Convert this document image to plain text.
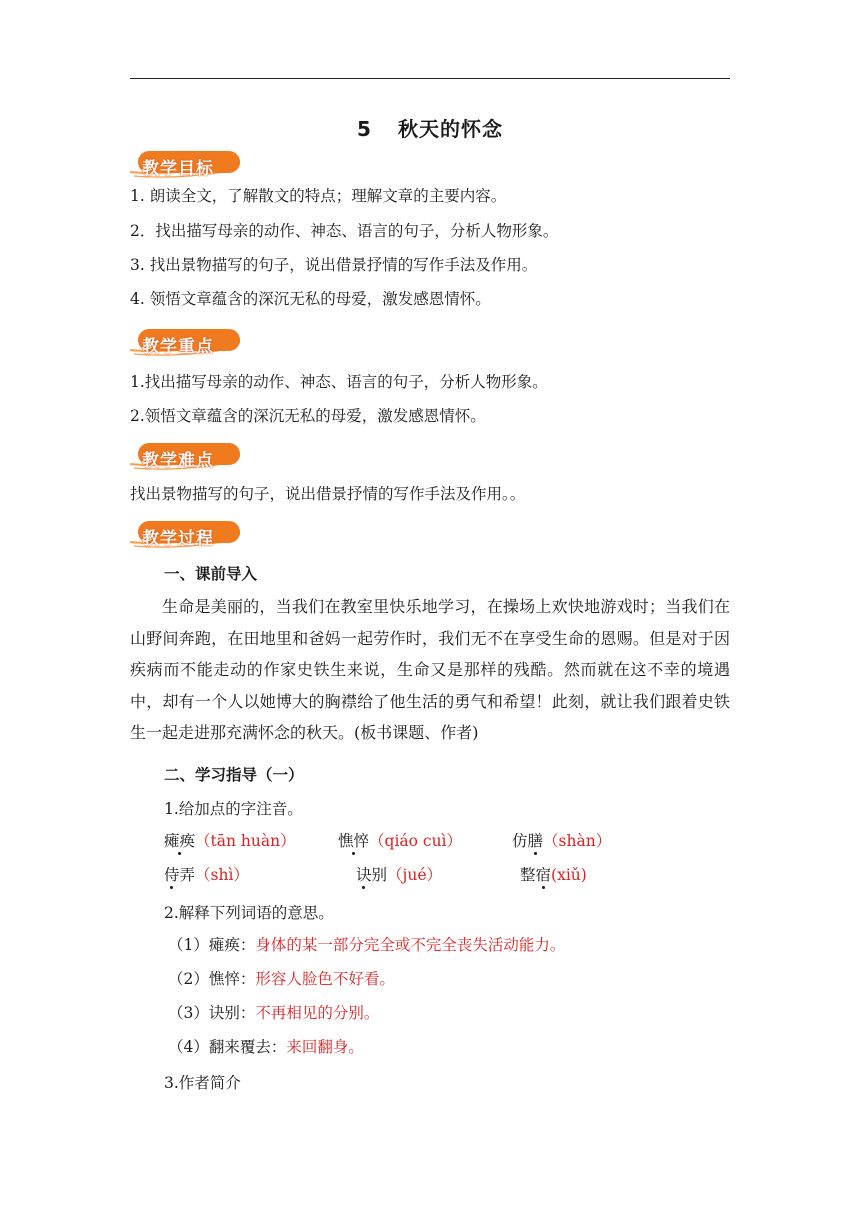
5 秋天的怀念
教学目标
1. 朗读全文，了解散文的特点；理解文章的主要内容。
2．找出描写母亲的动作、神态、语言的句子，分析人物形象。
3. 找出景物描写的句子，说出借景抒情的写作手法及作用。
4. 领悟文章蕴含的深沉无私的母爱，激发感恩情怀。
教学重点
1.找出描写母亲的动作、神态、语言的句子，分析人物形象。
2.领悟文章蕴含的深沉无私的母爱，激发感恩情怀。
教学难点
找出景物描写的句子，说出借景抒情的写作手法及作用。。
教学过程
一、课前导入
生命是美丽的，当我们在教室里快乐地学习，在操场上欢快地游戏时；当我们在山野间奔跑，在田地里和爸妈一起劳作时，我们无不在享受生命的恩赐。但是对于因疾病而不能走动的作家史铁生来说，生命又是那样的残酷。然而就在这不幸的境遇中，却有一个人以她博大的胸襟给了他生活的勇气和希望！此刻，就让我们跟着史铁生一起走进那充满怀念的秋天。(板书课题、作者)
二、学习指导（一）
1.给加点的字注音。
瘫痪（tān huàn）	憔悴（qiáo cuì）	仿膳（shàn）
侍弄（shì）	诀别（jué）	整宿(xiǔ)
2.解释下列词语的意思。
（1）瘫痪：身体的某一部分完全或不完全丧失活动能力。
（2）憔悴：形容人脸色不好看。
（3）诀别：不再相见的分别。
（4）翻来覆去：来回翻身。
3.作者简介
